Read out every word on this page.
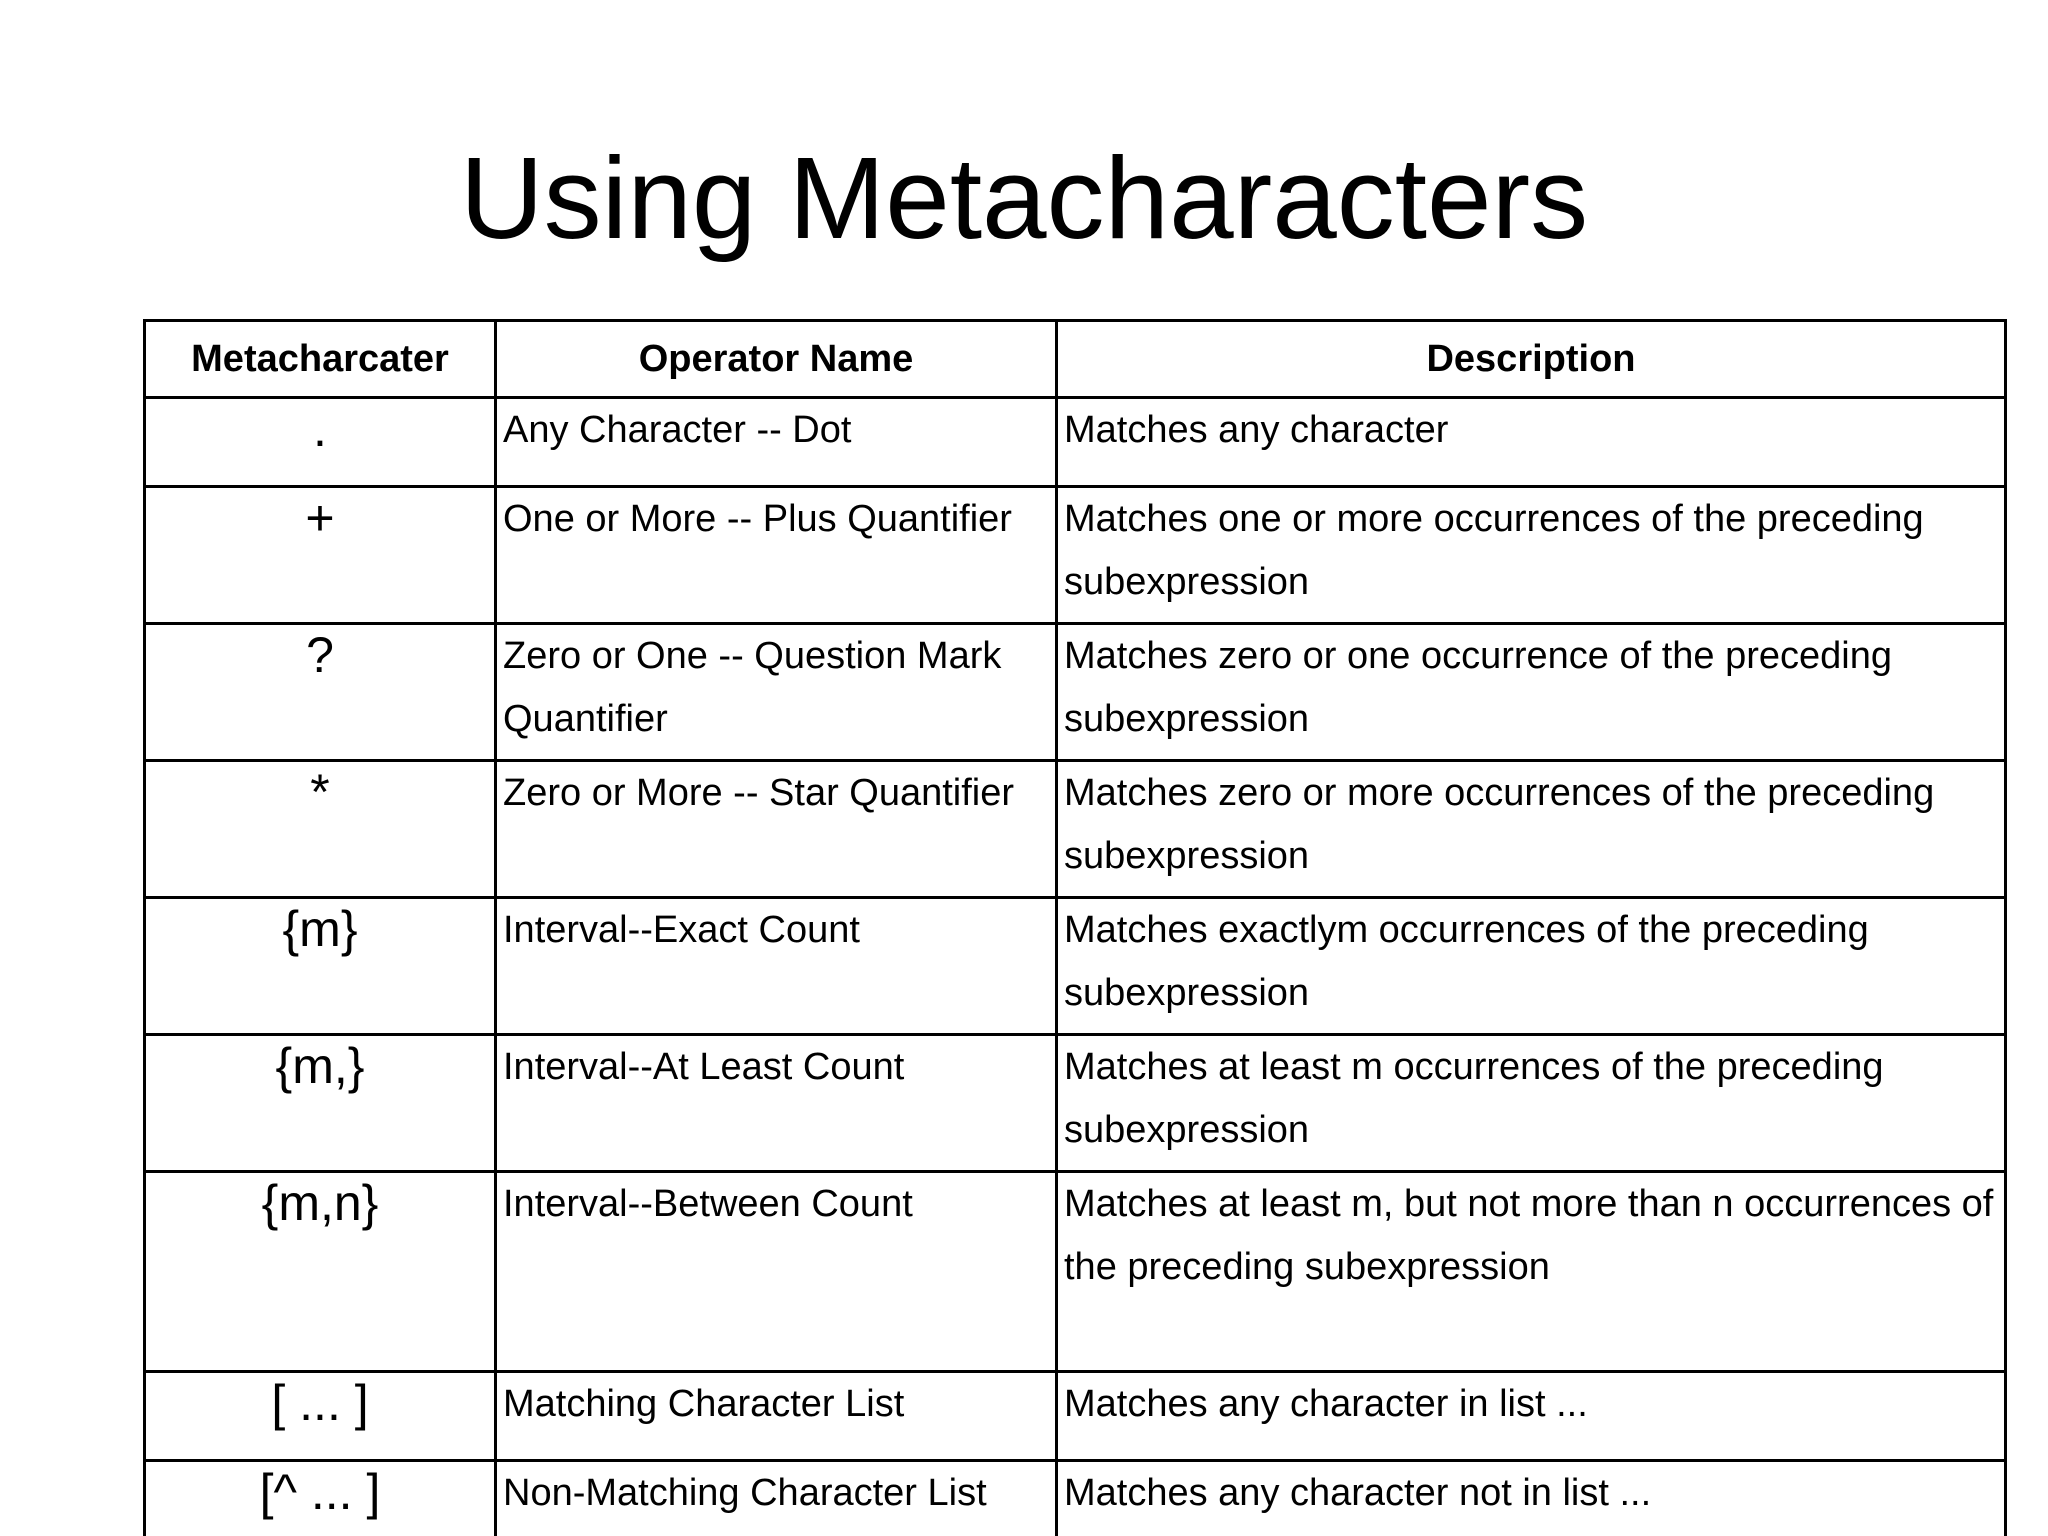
Using Metacharacters
Metacharcater	Operator Name	Description
.	Any Character -- Dot	Matches any character
+	One or More -- Plus Quantifier	Matches one or more occurrences of the preceding subexpression
?	Zero or One -- Question Mark Quantifier	Matches zero or one occurrence of the preceding subexpression
*	Zero or More -- Star Quantifier	Matches zero or more occurrences of the preceding subexpression
{m}	Interval--Exact Count	Matches exactlym occurrences of the preceding subexpression
{m,}	Interval--At Least Count	Matches at least m occurrences of the preceding subexpression
{m,n}	Interval--Between Count	Matches at least m, but not more than n occurrences of the preceding subexpression
[ ... ]	Matching Character List	Matches any character in list ...
[^ ... ]	Non-Matching Character List	Matches any character not in list ...
